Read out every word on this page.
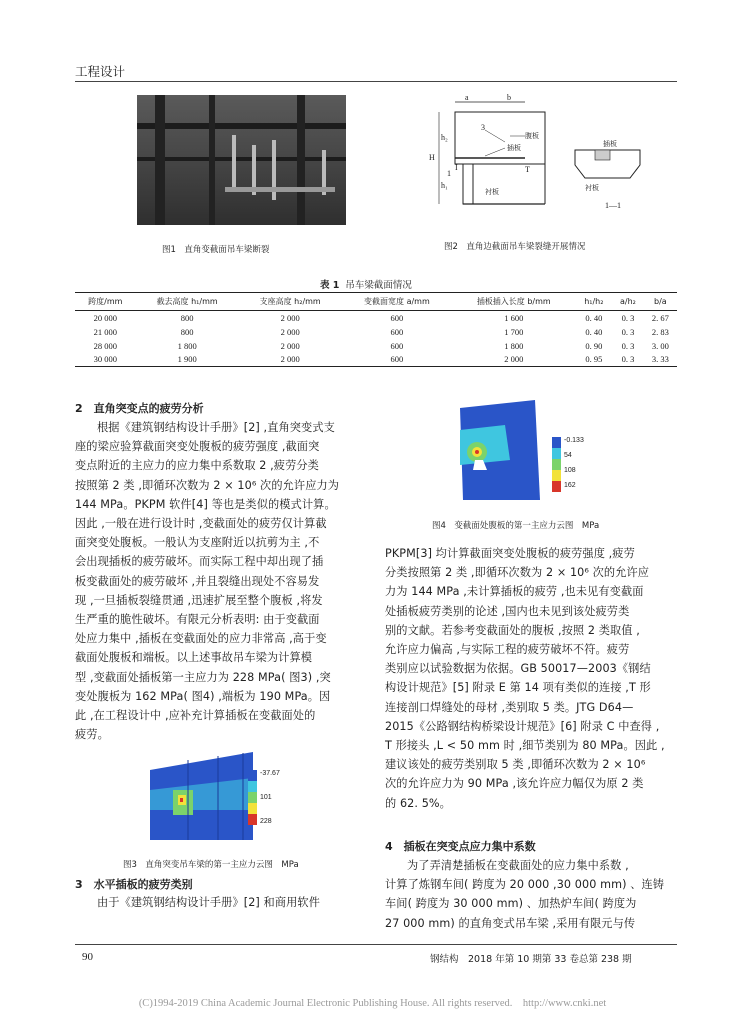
工程设计
图1　直角变截面吊车梁断裂
a	b
H
h₂
h₁
3
腹板
插板
衬板
1
I	T
插板
衬板
1—1
图2　直角边截面吊车梁裂缝开展情况
表 1 吊车梁截面情况
跨度/mm	截去高度 h₁/mm	支座高度 h₂/mm	变截面宽度 a/mm	插板插入长度 b/mm	h₁/h₂	a/h₂	b/a
20 000	800	2 000	600	1 600	0. 40	0. 3	2. 67
21 000	800	2 000	600	1 700	0. 40	0. 3	2. 83
28 000	1 800	2 000	600	1 800	0. 90	0. 3	3. 00
30 000	1 900	2 000	600	2 000	0. 95	0. 3	3. 33
2　直角突变点的疲劳分析
根据《建筑钢结构设计手册》[2] ,直角突变式支
座的梁应验算截面突变处腹板的疲劳强度 ,截面突
变点附近的主应力的应力集中系数取 2 ,疲劳分类
按照第 2 类 ,即循环次数为 2 × 10⁶ 次的允许应力为
144 MPa。PKPM 软件[4] 等也是类似的模式计算。
因此 ,一般在进行设计时 ,变截面处的疲劳仅计算截
面突变处腹板。一般认为支座附近以抗剪为主 ,不
会出现插板的疲劳破坏。而实际工程中却出现了插
板变截面处的疲劳破坏 ,并且裂缝出现处不容易发
现 ,一旦插板裂缝贯通 ,迅速扩展至整个腹板 ,将发
生严重的脆性破坏。有限元分析表明: 由于变截面
处应力集中 ,插板在变截面处的应力非常高 ,高于变
截面处腹板和端板。以上述事故吊车梁为计算模
型 ,变截面处插板第一主应力为 228 MPa( 图3) ,突
变处腹板为 162 MPa( 图4) ,端板为 190 MPa。因
此 ,在工程设计中 ,应补充计算插板在变截面处的
疲劳。
-37.67
101
228
图3　直角突变吊车梁的第一主应力云图　MPa
3　水平插板的疲劳类别
由于《建筑钢结构设计手册》[2] 和商用软件
-0.133
54
108
162
图4　变截面处腹板的第一主应力云图　MPa
PKPM[3] 均计算截面突变处腹板的疲劳强度 ,疲劳
分类按照第 2 类 ,即循环次数为 2 × 10⁶ 次的允许应
力为 144 MPa ,未计算插板的疲劳 ,也未见有变截面
处插板疲劳类别的论述 ,国内也未见到该处疲劳类
别的文献。若参考变截面处的腹板 ,按照 2 类取值 ,
允许应力偏高 ,与实际工程的疲劳破坏不符。疲劳
类别应以试验数据为依据。GB 50017—2003《钢结
构设计规范》[5] 附录 E 第 14 项有类似的连接 ,T 形
连接剖口焊缝处的母材 ,类别取 5 类。JTG D64—
2015《公路钢结构桥梁设计规范》[6] 附录 C 中查得 ,
T 形接头 ,L < 50 mm 时 ,细节类别为 80 MPa。因此 ,
建议该处的疲劳类别取 5 类 ,即循环次数为 2 × 10⁶
次的允许应力为 90 MPa ,该允许应力幅仅为原 2 类
的 62. 5%。
4　插板在突变点应力集中系数
为了弄清楚插板在变截面处的应力集中系数 ,
计算了炼钢车间( 跨度为 20 000 ,30 000 mm) 、连铸
车间( 跨度为 30 000 mm) 、加热炉车间( 跨度为
27 000 mm) 的直角变式吊车梁 ,采用有限元与传
90	钢结构　2018 年第 10 期第 33 卷总第 238 期
(C)1994-2019 China Academic Journal Electronic Publishing House. All rights reserved.　http://www.cnki.net
